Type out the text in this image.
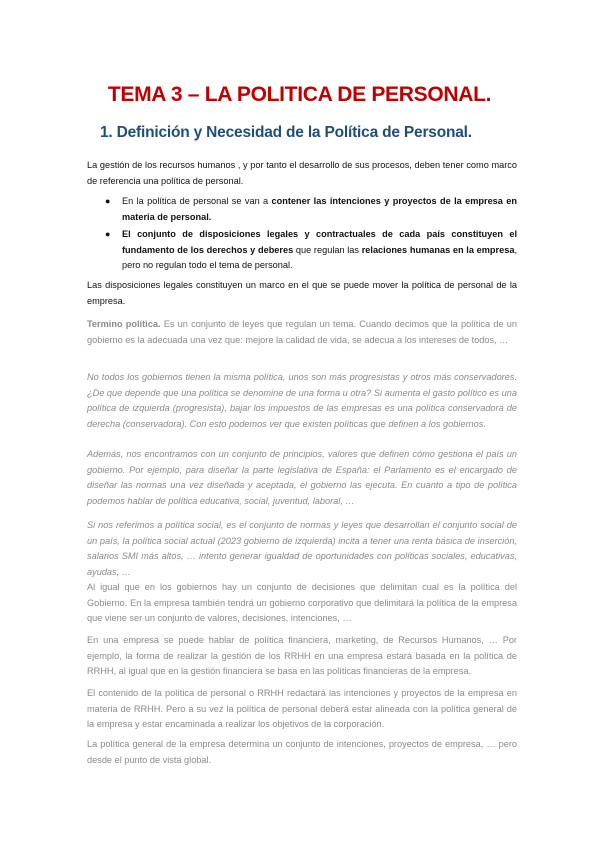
TEMA 3 – LA POLITICA DE PERSONAL.
1. Definición y Necesidad de la Política de Personal.
La gestión de los recursos humanos , y por tanto el desarrollo de sus procesos, deben tener como marco de referencia una política de personal.
● En la política de personal se van a contener las intenciones y proyectos de la empresa en materia de personal.
● El conjunto de disposiciones legales y contractuales de cada país constituyen el fundamento de los derechos y deberes que regulan las relaciones humanas en la empresa, pero no regulan todo el tema de personal.
Las disposiciones legales constituyen un marco en el que se puede mover la política de personal de la empresa.
Termino política. Es un conjunto de leyes que regulan un tema. Cuando decimos que la política de un gobierno es la adecuada una vez que: mejore la calidad de vida, se adecua a los intereses de todos, …
No todos los gobiernos tienen la misma política, unos son más progresistas y otros más conservadores. ¿De que depende que una política se denomine de una forma u otra? Si aumenta el gasto político es una política de izquierda (progresista), bajar los impuestos de las empresas es una política conservadora de derecha (conservadora). Con esto podemos ver que existen políticas que definen a los gobiernos.
Además, nos encontramos con un conjunto de principios, valores que definen cómo gestiona el país un gobierno. Por ejemplo, para diseñar la parte legislativa de España: el Parlamento es el encargado de diseñar las normas una vez diseñada y aceptada, el gobierno las ejecuta. En cuanto a tipo de política podemos hablar de política educativa, social, juventud, laboral, …
Si nos referimos a política social, es el conjunto de normas y leyes que desarrollan el conjunto social de un país, la política social actual (2023 gobierno de izquierda) incita a tener una renta básica de inserción, salarios SMI más altos, … intento generar igualdad de oportunidades con políticas sociales, educativas, ayudas, …
Al igual que en los gobiernos hay un conjunto de decisiones que delimitan cual es la política del Gobierno. En la empresa también tendrá un gobierno corporativo que delimitará la política de la empresa que viene ser un conjunto de valores, decisiones, intenciones, …
En una empresa se puede hablar de política financiera, marketing, de Recursos Humanos, … Por ejemplo, la forma de realizar la gestión de los RRHH en una empresa estará basada en la política de RRHH, al igual que en la gestión financiera se basa en las políticas financieras de la empresa.
El contenido de la política de personal o RRHH redactará las intenciones y proyectos de la empresa en materia de RRHH. Pero a su vez la política de personal deberá estar alineada con la política general de la empresa y estar encaminada a realizar los objetivos de la corporación.
La política general de la empresa determina un conjunto de intenciones, proyectos de empresa, … pero desde el punto de vista global.
